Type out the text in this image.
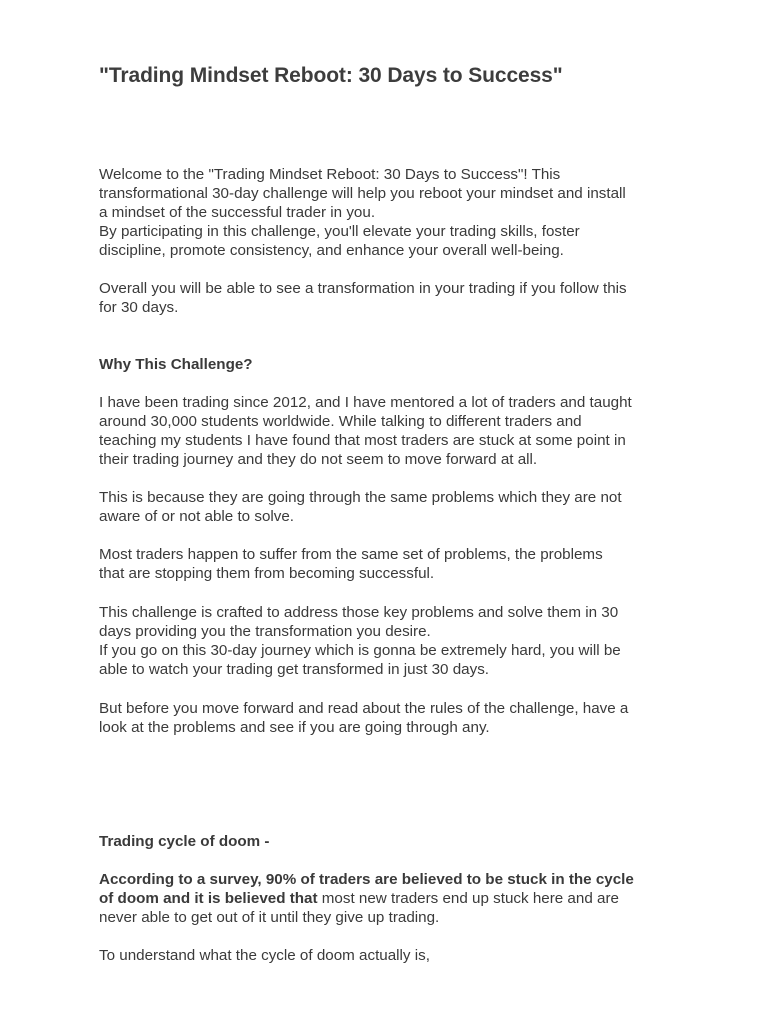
"Trading Mindset Reboot: 30 Days to Success"

Welcome to the "Trading Mindset Reboot: 30 Days to Success"! This
transformational 30-day challenge will help you reboot your mindset and install
a mindset of the successful trader in you.
By participating in this challenge, you'll elevate your trading skills, foster
discipline, promote consistency, and enhance your overall well-being.

Overall you will be able to see a transformation in your trading if you follow this
for 30 days.

Why This Challenge?

I have been trading since 2012, and I have mentored a lot of traders and taught
around 30,000 students worldwide. While talking to different traders and
teaching my students I have found that most traders are stuck at some point in
their trading journey and they do not seem to move forward at all.

This is because they are going through the same problems which they are not
aware of or not able to solve.

Most traders happen to suffer from the same set of problems, the problems
that are stopping them from becoming successful.

This challenge is crafted to address those key problems and solve them in 30
days providing you the transformation you desire.
If you go on this 30-day journey which is gonna be extremely hard, you will be
able to watch your trading get transformed in just 30 days.

But before you move forward and read about the rules of the challenge, have a
look at the problems and see if you are going through any.

Trading cycle of doom -

According to a survey, 90% of traders are believed to be stuck in the cycle
of doom and it is believed that most new traders end up stuck here and are
never able to get out of it until they give up trading.

To understand what the cycle of doom actually is,
